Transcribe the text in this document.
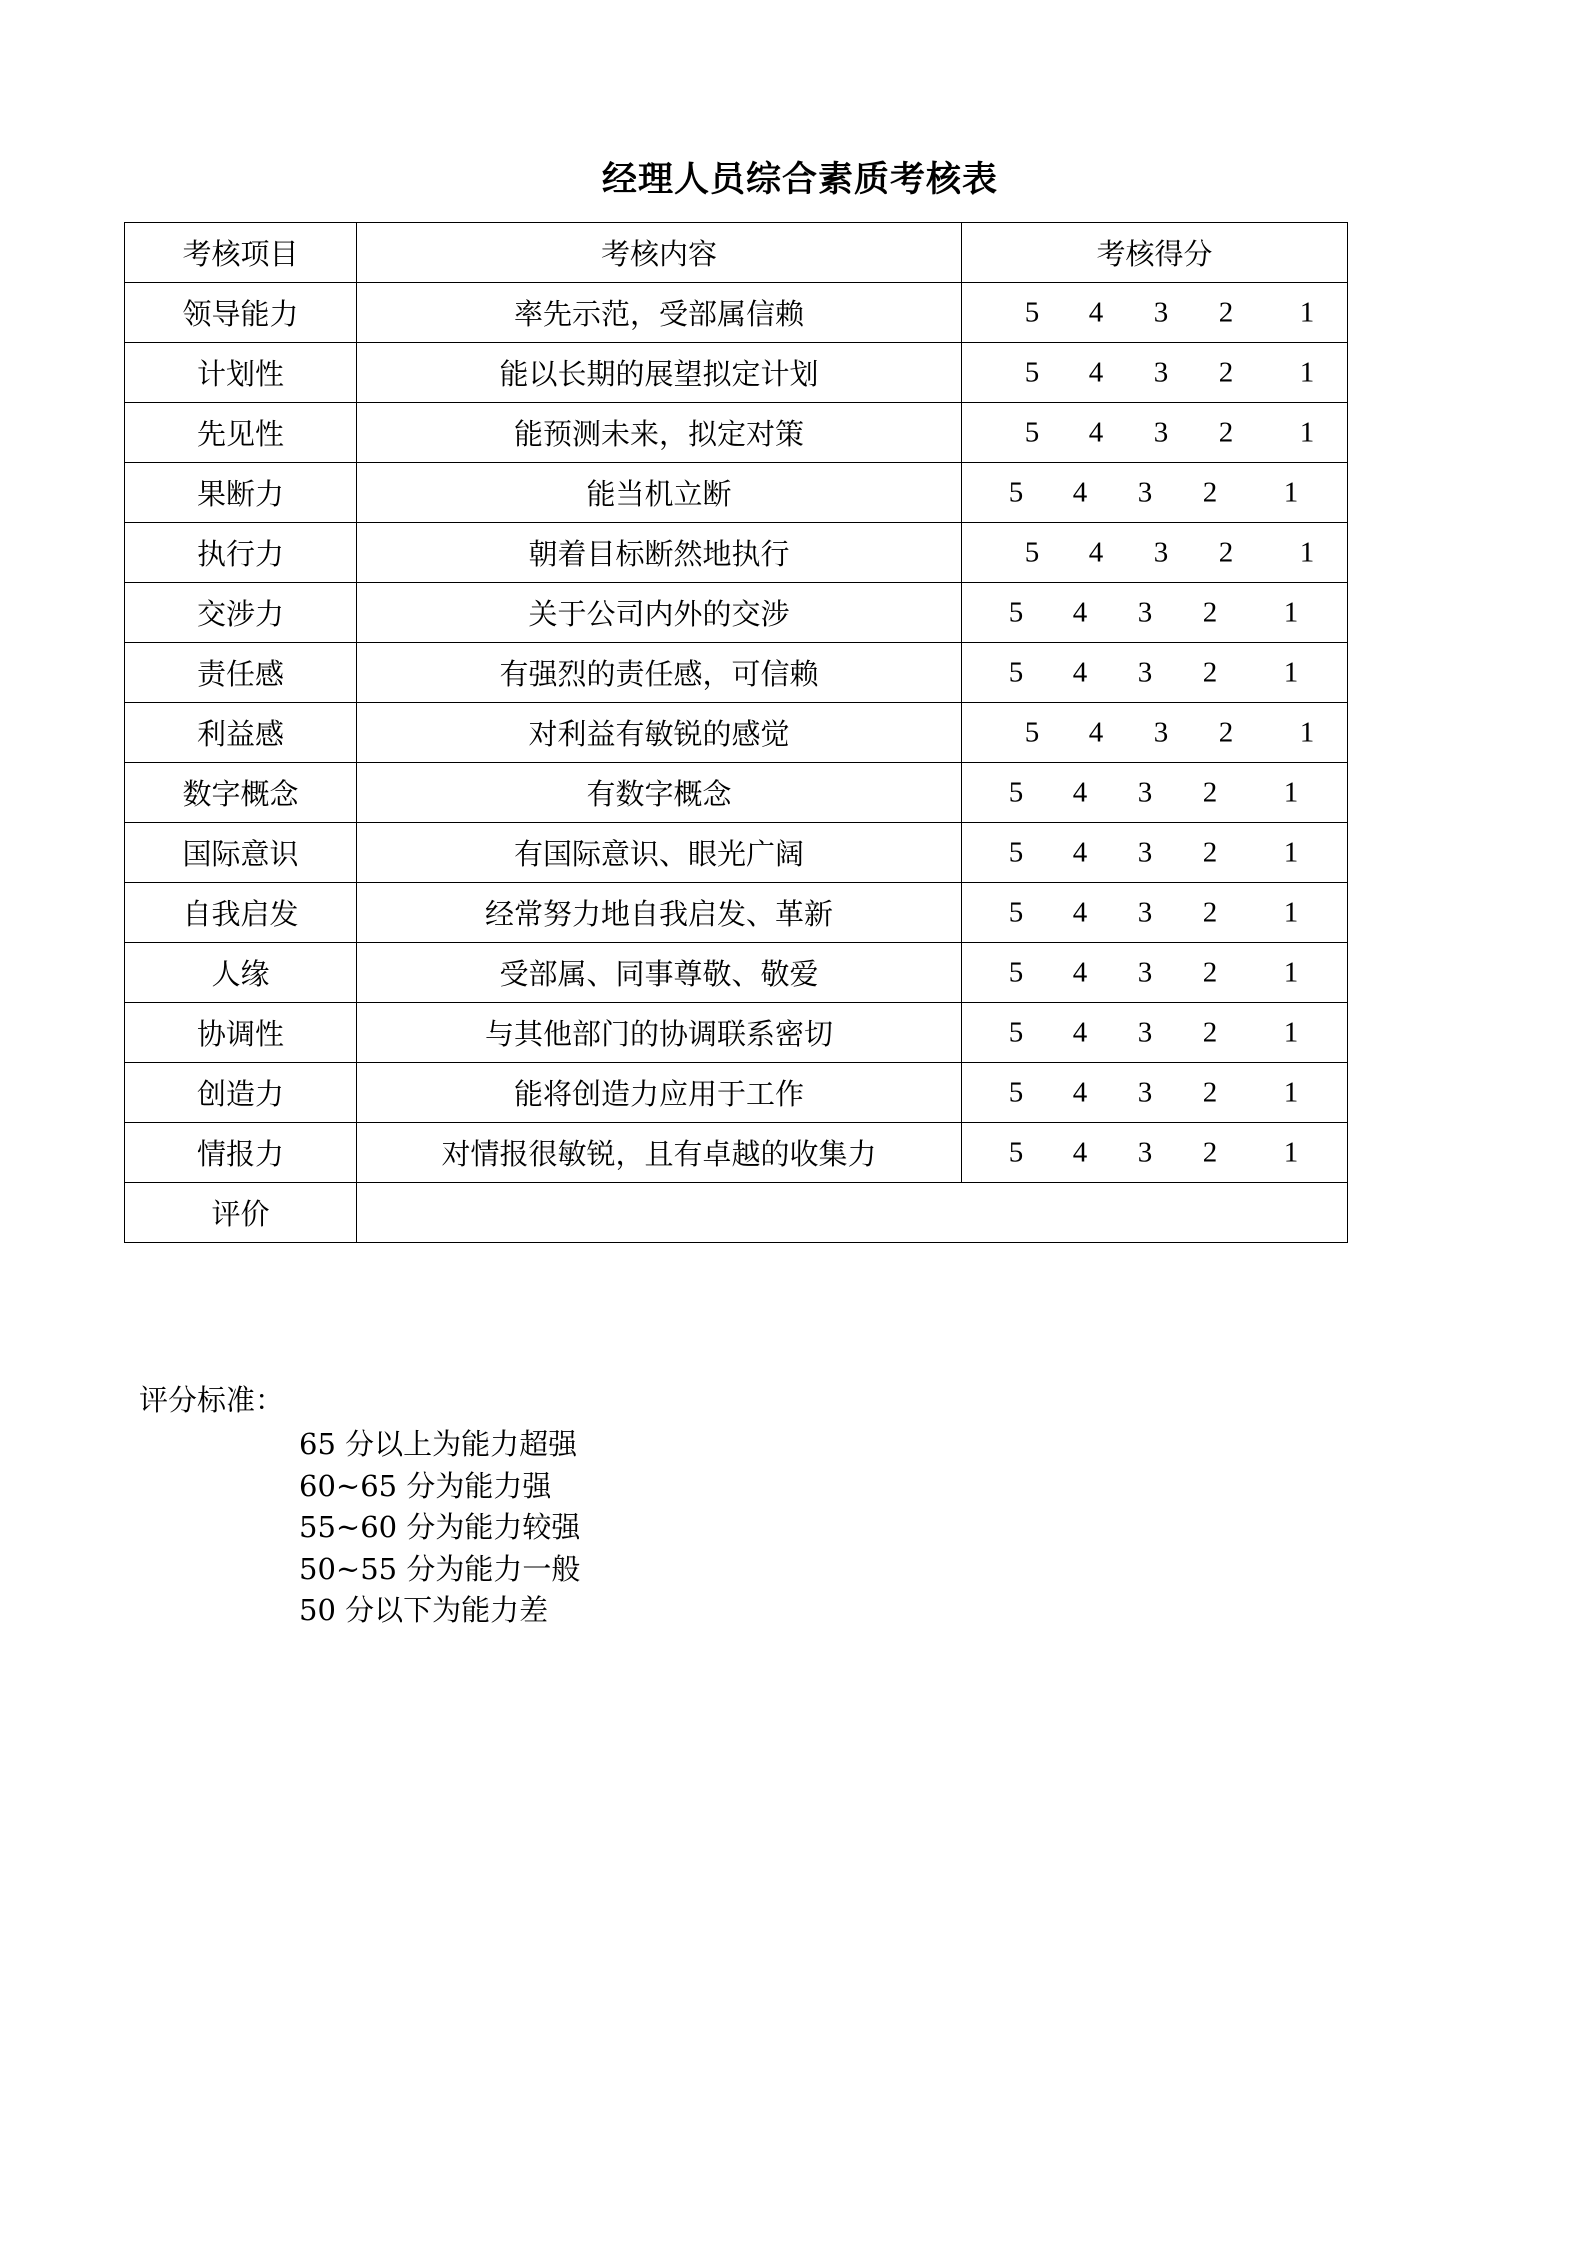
经理人员综合素质考核表
考核项目	考核内容	考核得分
领导能力	率先示范，受部属信赖	5 4 3 2 1

计划性	能以长期的展望拟定计划	5 4 3 2 1

先见性	能预测未来，拟定对策	5 4 3 2 1

果断力	能当机立断	5 4 3 2 1

执行力	朝着目标断然地执行	5 4 3 2 1

交涉力	关于公司内外的交涉	5 4 3 2 1

责任感	有强烈的责任感，可信赖	5 4 3 2 1

利益感	对利益有敏锐的感觉	5 4 3 2 1

数字概念	有数字概念	5 4 3 2 1

国际意识	有国际意识、眼光广阔	5 4 3 2 1

自我启发	经常努力地自我启发、革新	5 4 3 2 1

人缘	受部属、同事尊敬、敬爱	5 4 3 2 1

协调性	与其他部门的协调联系密切	5 4 3 2 1

创造力	能将创造力应用于工作	5 4 3 2 1

情报力	对情报很敏锐，且有卓越的收集力	5 4 3 2 1

评价		
评分标准：
65 分以上为能力超强
60~65 分为能力强
55~60 分为能力较强
50~55 分为能力一般
50 分以下为能力差
